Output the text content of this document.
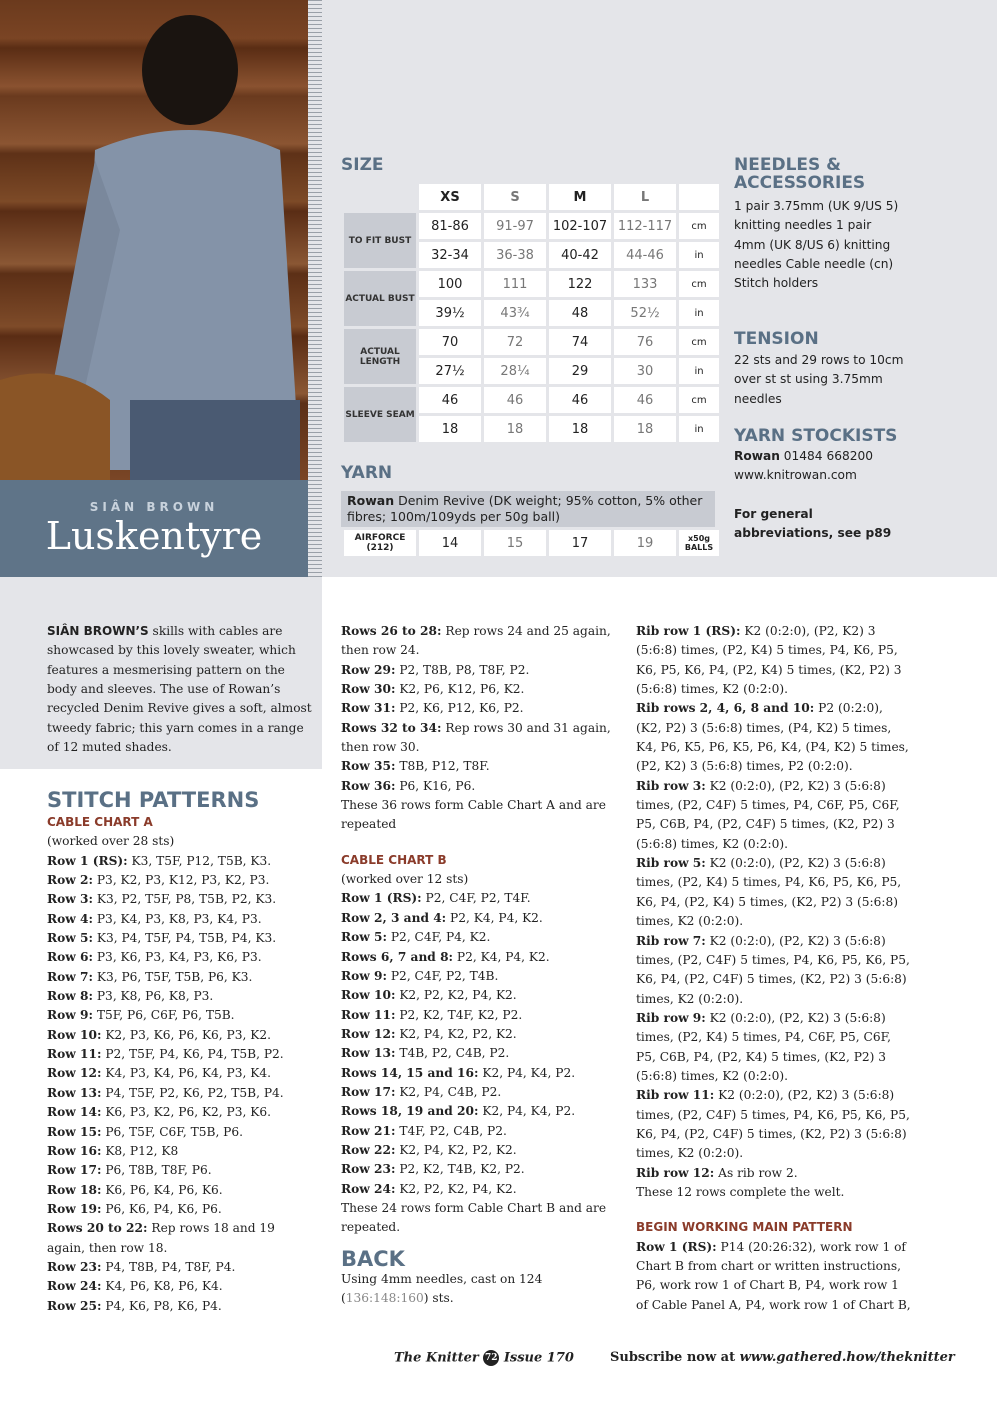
SIÂN BROWN
Luskentyre
SIZE
	XS	S	M	L	
TO FIT BUST	81-86	91-97	102-107	112-117	cm
	32-34	36-38	40-42	44-46	in
ACTUAL BUST	100	111	122	133	cm
	39½	43¾	48	52½	in
ACTUAL LENGTH	70	72	74	76	cm
	27½	28¼	29	30	in
SLEEVE SEAM	46	46	46	46	cm
	18	18	18	18	in
YARN
Rowan Denim Revive (DK weight; 95% cotton, 5% other fibres; 100m/109yds per 50g ball)
AIRFORCE (212)	14	15	17	19	x50g BALLS
NEEDLES & ACCESSORIES
1 pair 3.75mm (UK 9/US 5) knitting needles 1 pair 4mm (UK 8/US 6) knitting needles Cable needle (cn) Stitch holders
TENSION
22 sts and 29 rows to 10cm over st st using 3.75mm needles
YARN STOCKISTS
Rowan 01484 668200
www.knitrowan.com
For general abbreviations, see p89
SIÂN BROWN’S skills with cables are showcased by this lovely sweater, which features a mesmerising pattern on the body and sleeves. The use of Rowan’s recycled Denim Revive gives a soft, almost tweedy fabric; this yarn comes in a range of 12 muted shades.
STITCH PATTERNS
CABLE CHART A

(worked over 28 sts)

Row 1 (RS): K3, T5F, P12, T5B, K3.

Row 2: P3, K2, P3, K12, P3, K2, P3.

Row 3: K3, P2, T5F, P8, T5B, P2, K3.

Row 4: P3, K4, P3, K8, P3, K4, P3.

Row 5: K3, P4, T5F, P4, T5B, P4, K3.

Row 6: P3, K6, P3, K4, P3, K6, P3.

Row 7: K3, P6, T5F, T5B, P6, K3.

Row 8: P3, K8, P6, K8, P3.

Row 9: T5F, P6, C6F, P6, T5B.

Row 10: K2, P3, K6, P6, K6, P3, K2.

Row 11: P2, T5F, P4, K6, P4, T5B, P2.

Row 12: K4, P3, K4, P6, K4, P3, K4.

Row 13: P4, T5F, P2, K6, P2, T5B, P4.

Row 14: K6, P3, K2, P6, K2, P3, K6.

Row 15: P6, T5F, C6F, T5B, P6.

Row 16: K8, P12, K8

Row 17: P6, T8B, T8F, P6.

Row 18: K6, P6, K4, P6, K6.

Row 19: P6, K6, P4, K6, P6.

Rows 20 to 22: Rep rows 18 and 19 again, then row 18.

Row 23: P4, T8B, P4, T8F, P4.

Row 24: K4, P6, K8, P6, K4.

Row 25: P4, K6, P8, K6, P4.

Rows 26 to 28: Rep rows 24 and 25 again, then row 24.

Row 29: P2, T8B, P8, T8F, P2.

Row 30: K2, P6, K12, P6, K2.

Row 31: P2, K6, P12, K6, P2.

Rows 32 to 34: Rep rows 30 and 31 again, then row 30.

Row 35: T8B, P12, T8F.

Row 36: P6, K16, P6.

These 36 rows form Cable Chart A and are repeated

CABLE CHART B

(worked over 12 sts)

Row 1 (RS): P2, C4F, P2, T4F.

Row 2, 3 and 4: P2, K4, P4, K2.

Row 5: P2, C4F, P4, K2.

Rows 6, 7 and 8: P2, K4, P4, K2.

Row 9: P2, C4F, P2, T4B.

Row 10: K2, P2, K2, P4, K2.

Row 11: P2, K2, T4F, K2, P2.

Row 12: K2, P4, K2, P2, K2.

Row 13: T4B, P2, C4B, P2.

Rows 14, 15 and 16: K2, P4, K4, P2.

Row 17: K2, P4, C4B, P2.

Rows 18, 19 and 20: K2, P4, K4, P2.

Row 21: T4F, P2, C4B, P2.

Row 22: K2, P4, K2, P2, K2.

Row 23: P2, K2, T4B, K2, P2.

Row 24: K2, P2, K2, P4, K2.

These 24 rows form Cable Chart B and are repeated.

BACK

Using 4mm needles, cast on 124 (136:148:160) sts.

Rib row 1 (RS): K2 (0:2:0), (P2, K2) 3 (5:6:8) times, (P2, K4) 5 times, P4, K6, P5, K6, P5, K6, P4, (P2, K4) 5 times, (K2, P2) 3 (5:6:8) times, K2 (0:2:0).

Rib rows 2, 4, 6, 8 and 10: P2 (0:2:0), (K2, P2) 3 (5:6:8) times, (P4, K2) 5 times, K4, P6, K5, P6, K5, P6, K4, (P4, K2) 5 times, (P2, K2) 3 (5:6:8) times, P2 (0:2:0).

Rib row 3: K2 (0:2:0), (P2, K2) 3 (5:6:8) times, (P2, C4F) 5 times, P4, C6F, P5, C6F, P5, C6B, P4, (P2, C4F) 5 times, (K2, P2) 3 (5:6:8) times, K2 (0:2:0).

Rib row 5: K2 (0:2:0), (P2, K2) 3 (5:6:8) times, (P2, K4) 5 times, P4, K6, P5, K6, P5, K6, P4, (P2, K4) 5 times, (K2, P2) 3 (5:6:8) times, K2 (0:2:0).

Rib row 7: K2 (0:2:0), (P2, K2) 3 (5:6:8) times, (P2, C4F) 5 times, P4, K6, P5, K6, P5, K6, P4, (P2, C4F) 5 times, (K2, P2) 3 (5:6:8) times, K2 (0:2:0).

Rib row 9: K2 (0:2:0), (P2, K2) 3 (5:6:8) times, (P2, K4) 5 times, P4, C6F, P5, C6F, P5, C6B, P4, (P2, K4) 5 times, (K2, P2) 3 (5:6:8) times, K2 (0:2:0).

Rib row 11: K2 (0:2:0), (P2, K2) 3 (5:6:8) times, (P2, C4F) 5 times, P4, K6, P5, K6, P5, K6, P4, (P2, C4F) 5 times, (K2, P2) 3 (5:6:8) times, K2 (0:2:0).

Rib row 12: As rib row 2.

These 12 rows complete the welt.

BEGIN WORKING MAIN PATTERN

Row 1 (RS): P14 (20:26:32), work row 1 of Chart B from chart or written instructions, P6, work row 1 of Chart B, P4, work row 1 of Cable Panel A, P4, work row 1 of Chart B,

The Knitter 72 Issue 170	Subscribe now at www.gathered.how/theknitter
